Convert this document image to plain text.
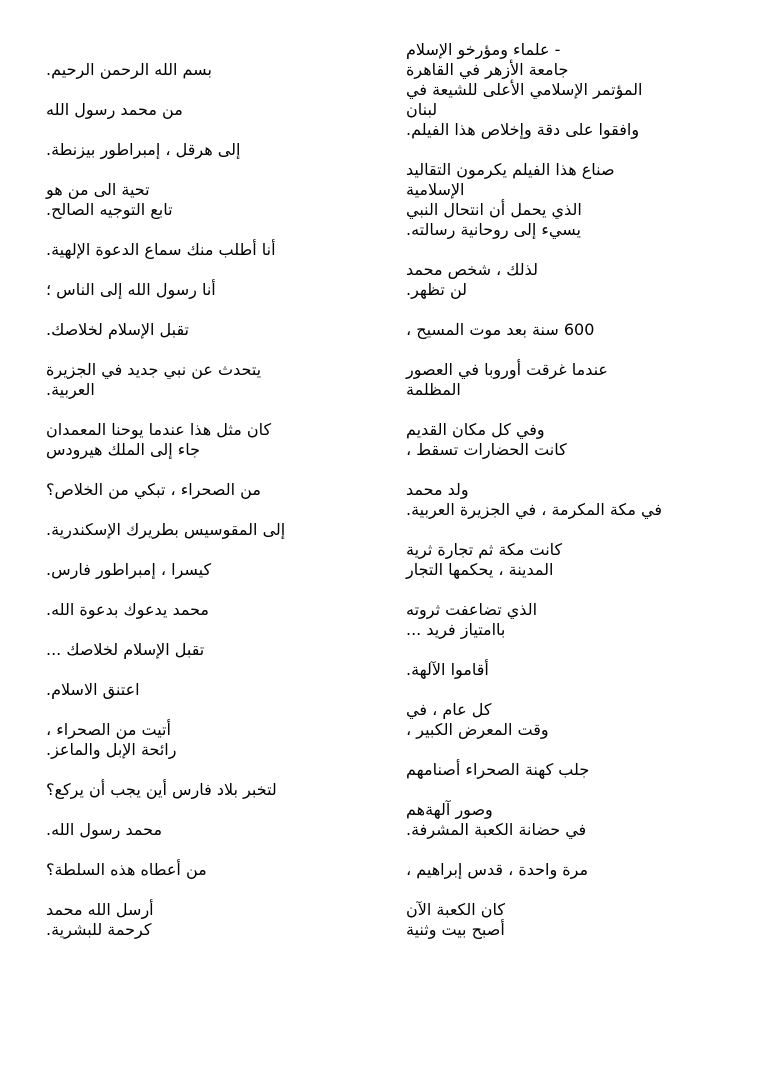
بسم الله الرحمن الرحيم.
من محمد رسول الله
إلى هرقل ، إمبراطور بيزنطة.
تحية الى من هو
تابع التوجيه الصالح.
أنا أطلب منك سماع الدعوة الإلهية.
أنا رسول الله إلى الناس ؛
تقبل الإسلام لخلاصك.
يتحدث عن نبي جديد في الجزيرة
العربية.
كان مثل هذا عندما يوحنا المعمدان
جاء إلى الملك هيرودس
من الصحراء ، تبكي من الخلاص؟
إلى المقوسيس بطريرك الإسكندرية.
كيسرا ، إمبراطور فارس.
محمد يدعوك بدعوة الله.
تقبل الإسلام لخلاصك ...
اعتنق الاسلام.
أتيت من الصحراء ،
رائحة الإبل والماعز.
لتخبر بلاد فارس أين يجب أن يركع؟
محمد رسول الله.
من أعطاه هذه السلطة؟
أرسل الله محمد
كرحمة للبشرية.
- علماء ومؤرخو الإسلام
جامعة الأزهر في القاهرة
المؤتمر الإسلامي الأعلى للشيعة في
لبنان
وافقوا على دقة وإخلاص هذا الفيلم.
صناع هذا الفيلم يكرمون التقاليد
الإسلامية
الذي يحمل أن انتحال النبي
يسيء إلى روحانية رسالته.
لذلك ، شخص محمد
لن تظهر.
600 سنة بعد موت المسيح ،
عندما غرقت أوروبا في العصور
المظلمة
وفي كل مكان القديم
كانت الحضارات تسقط ،
ولد محمد
في مكة المكرمة ، في الجزيرة العربية.
كانت مكة ثم تجارة ثرية
المدينة ، يحكمها التجار
الذي تضاعفت ثروته
باامتياز فريد ...
أقاموا الآلهة.
كل عام ، في
وقت المعرض الكبير ،
جلب كهنة الصحراء أصنامهم
وصور آلهةهم
في حضانة الكعبة المشرفة.
مرة واحدة ، قدس إبراهيم ،
كان الكعبة الآن
أصبح بيت وثنية
